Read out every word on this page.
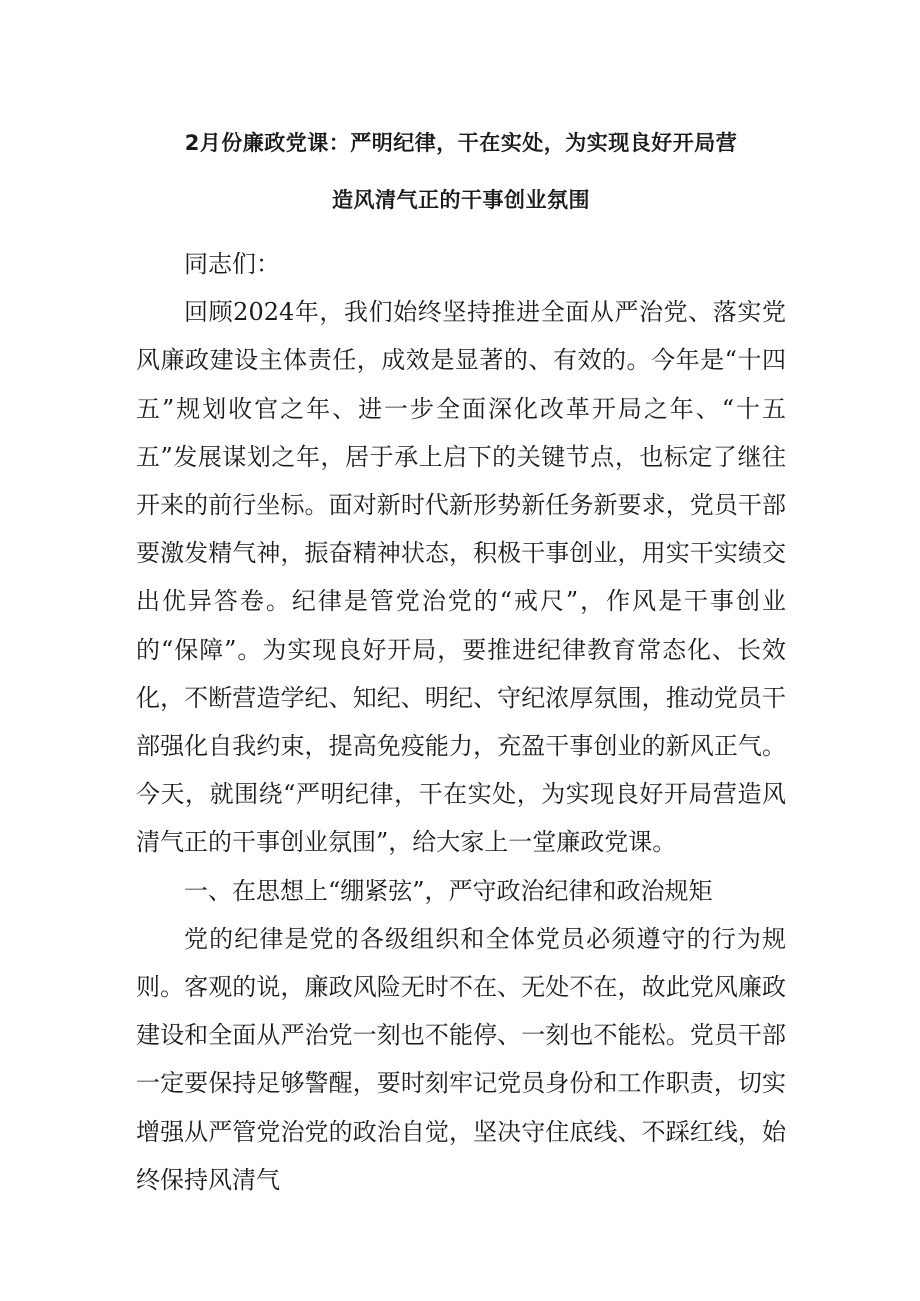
2月份廉政党课：严明纪律，干在实处，为实现良好开局营
造风清气正的干事创业氛围

同志们：

回顾2024年，我们始终坚持推进全面从严治党、落实党风廉政建设主体责任，成效是显著的、有效的。今年是“十四五”规划收官之年、进一步全面深化改革开局之年、“十五五”发展谋划之年，居于承上启下的关键节点，也标定了继往开来的前行坐标。面对新时代新形势新任务新要求，党员干部要激发精气神，振奋精神状态，积极干事创业，用实干实绩交出优异答卷。纪律是管党治党的“戒尺”，作风是干事创业的“保障”。为实现良好开局，要推进纪律教育常态化、长效化，不断营造学纪、知纪、明纪、守纪浓厚氛围，推动党员干部强化自我约束，提高免疫能力，充盈干事创业的新风正气。今天，就围绕“严明纪律，干在实处，为实现良好开局营造风清气正的干事创业氛围”，给大家上一堂廉政党课。

一、在思想上“绷紧弦”，严守政治纪律和政治规矩

党的纪律是党的各级组织和全体党员必须遵守的行为规则。客观的说，廉政风险无时不在、无处不在，故此党风廉政建设和全面从严治党一刻也不能停、一刻也不能松。党员干部一定要保持足够警醒，要时刻牢记党员身份和工作职责，切实增强从严管党治党的政治自觉，坚决守住底线、不踩红线，始终保持风清气
